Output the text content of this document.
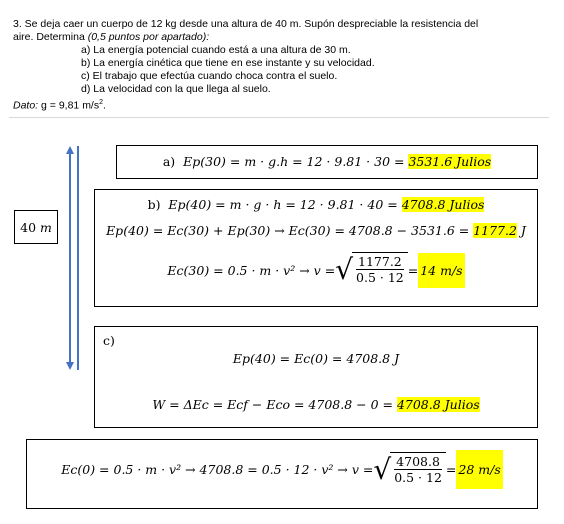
3. Se deja caer un cuerpo de 12 kg desde una altura de 40 m. Supón despreciable la resistencia del
aire. Determina (0,5 puntos por apartado):
a) La energía potencial cuando está a una altura de 30 m.
b) La energía cinética que tiene en ese instante y su velocidad.
c) El trabajo que efectúa cuando choca contra el suelo.
d) La velocidad con la que llega al suelo.
Dato: g = 9,81 $m/s^2$.
40
m
a) Ep(30) = m · g.h = 12 · 9.81 · 30 = 3531.6 Julios
b) Ep(40) = m · g · h = 12 · 9.81 · 40 = 4708.8 Julios
Ep(40) = Ec(30) + Ep(30) → Ec(30) = 4708.8 − 3531.6 = 1177.2 J
Ec(30) = 0.5 · m · v² → v = √ $\frac{1177.2}{0.5 \cdot 12} = 14$ m/s
c)
Ep(40) = Ec(0) = 4708.8 J
W = ΔEc = Ecf − Eco = 4708.8 − 0 = 4708.8 Julios
Ec(0) = 0.5 · m · v² → 4708.8 = 0.5 · 12 · v² → v = √ $\frac{4708.8}{0.5 \cdot 12} = 28$ m/s
